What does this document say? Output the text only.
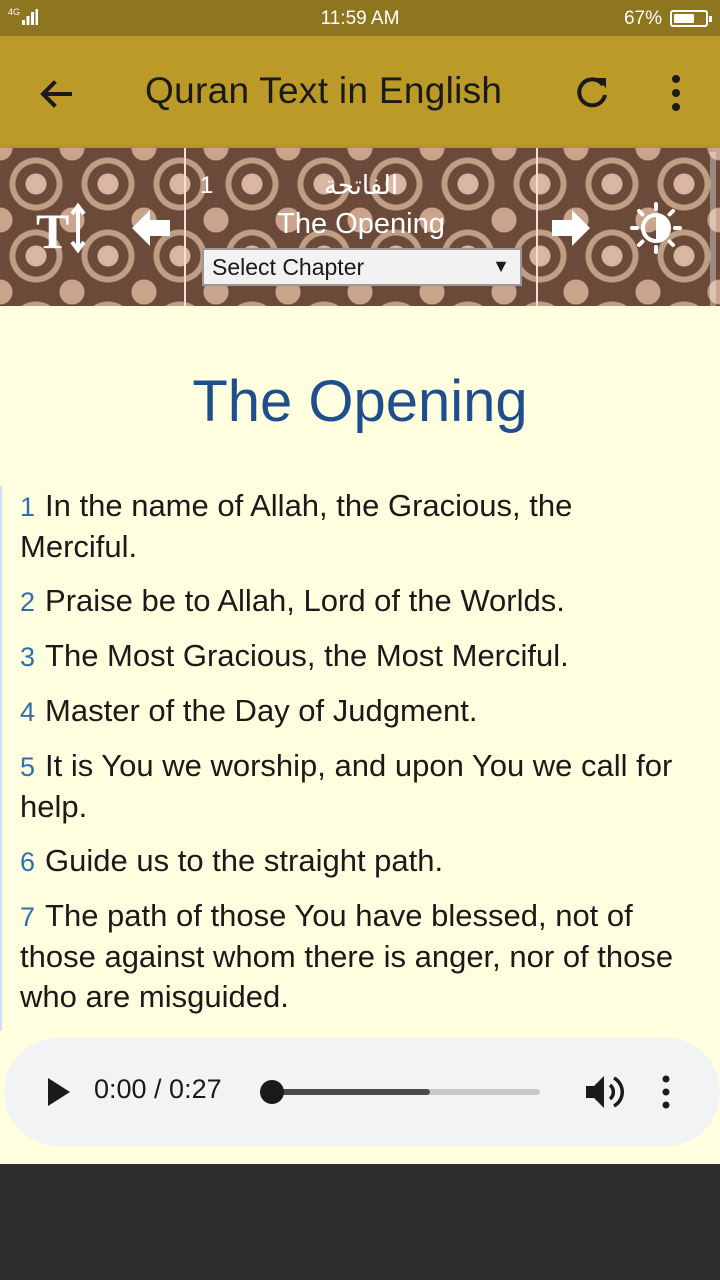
4G	11:59 AM	67%
Quran Text in English
T
1	الفاتحة
The Opening
Select Chapter	▼
The Opening
1 In the name of Allah, the Gracious, the Merciful.
2 Praise be to Allah, Lord of the Worlds.
3 The Most Gracious, the Most Merciful.
4 Master of the Day of Judgment.
5 It is You we worship, and upon You we call for help.
6 Guide us to the straight path.
7 The path of those You have blessed, not of those against whom there is anger, nor of those who are misguided.
0:00 / 0:27
